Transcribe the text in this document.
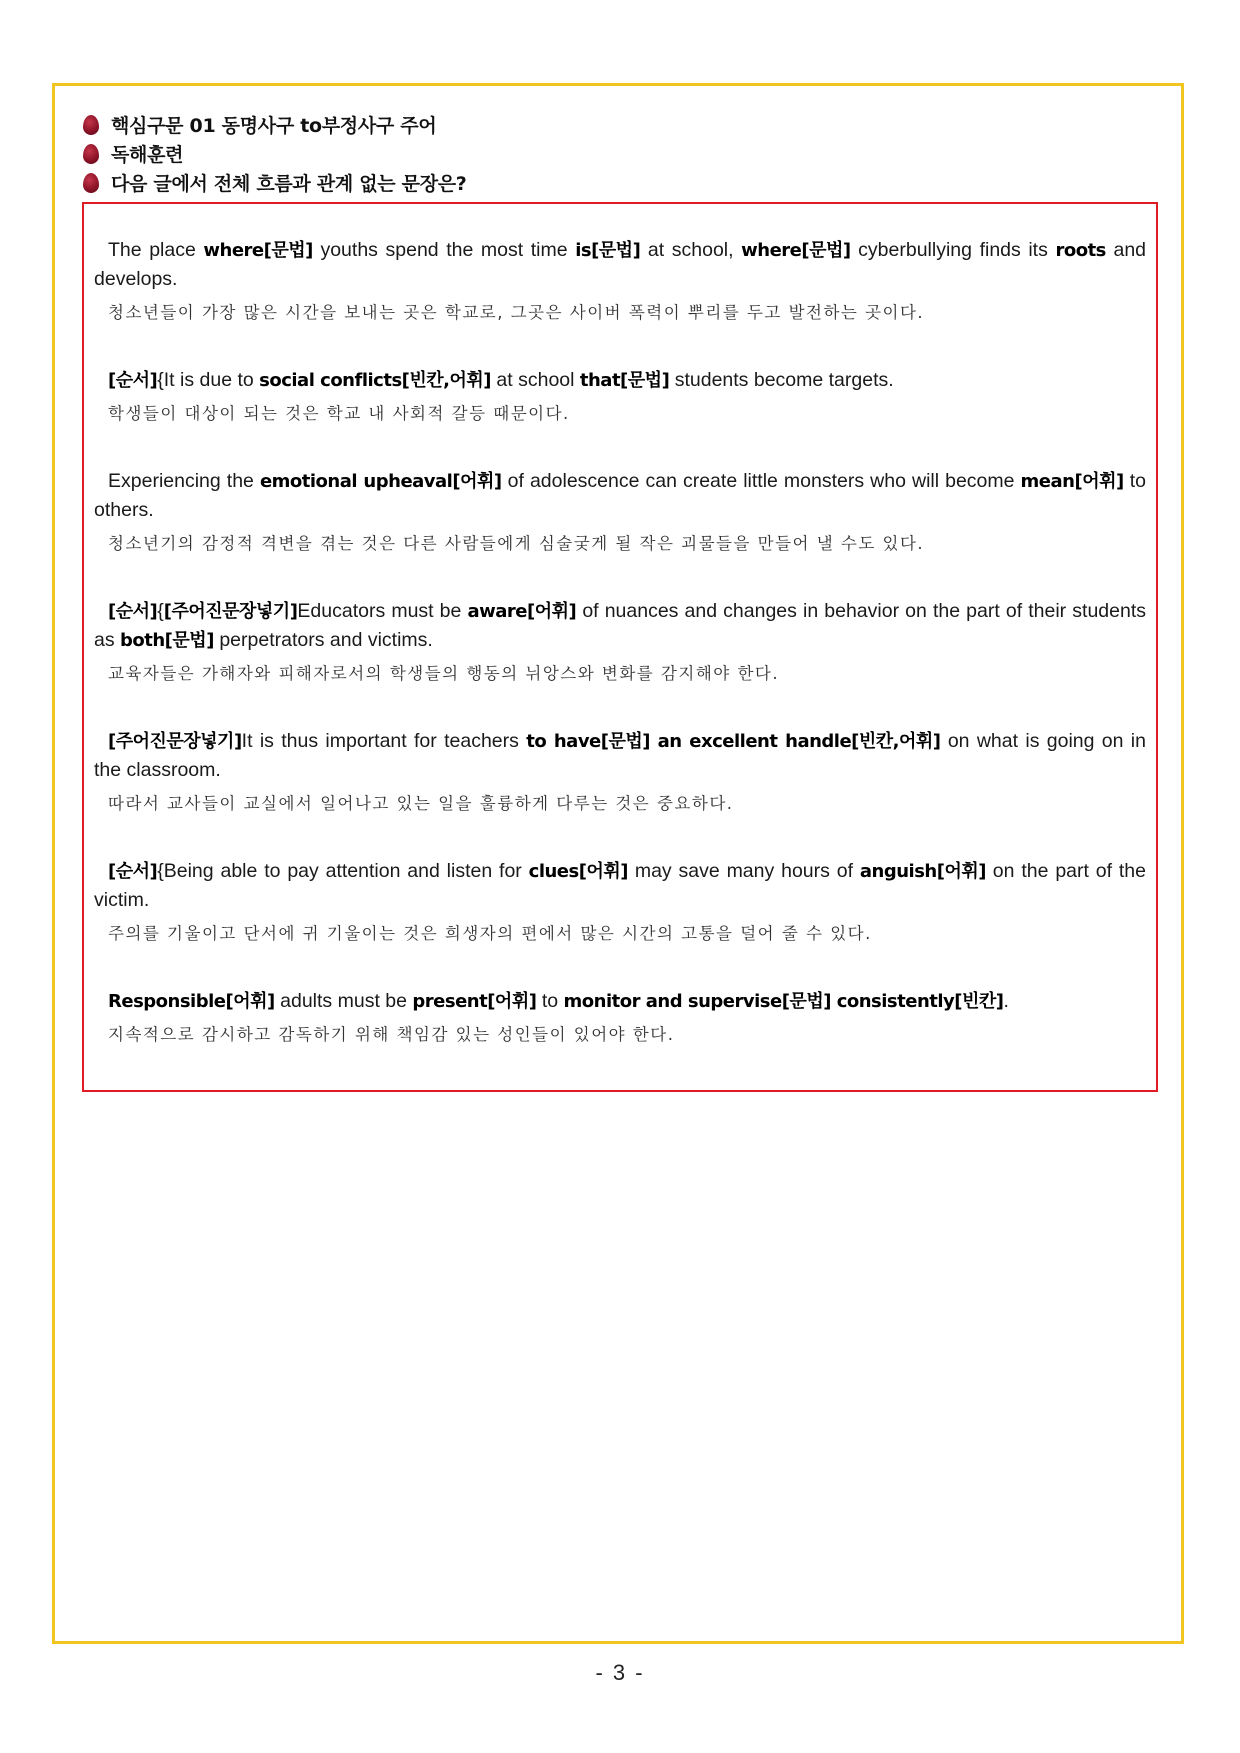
핵심구문 01 동명사구 to부정사구 주어
독해훈련
다음 글에서 전체 흐름과 관계 없는 문장은?

The place where[문법] youths spend the most time is[문법] at school, where[문법] cyberbullying finds its roots and develops.

청소년들이 가장 많은 시간을 보내는 곳은 학교로, 그곳은 사이버 폭력이 뿌리를 두고 발전하는 곳이다.

[순서]{It is due to social conflicts[빈칸,어휘] at school that[문법] students become targets.

학생들이 대상이 되는 것은 학교 내 사회적 갈등 때문이다.

Experiencing the emotional upheaval[어휘] of adolescence can create little monsters who will become mean[어휘] to others.

청소년기의 감정적 격변을 겪는 것은 다른 사람들에게 심술궂게 될 작은 괴물들을 만들어 낼 수도 있다.

[순서]{[주어진문장넣기]Educators must be aware[어휘] of nuances and changes in behavior on the part of their students as both[문법] perpetrators and victims.

교육자들은 가해자와 피해자로서의 학생들의 행동의 뉘앙스와 변화를 감지해야 한다.

[주어진문장넣기]It is thus important for teachers to have[문법] an excellent handle[빈칸,어휘] on what is going on in the classroom.

따라서 교사들이 교실에서 일어나고 있는 일을 훌륭하게 다루는 것은 중요하다.

[순서]{Being able to pay attention and listen for clues[어휘] may save many hours of anguish[어휘] on the part of the victim.

주의를 기울이고 단서에 귀 기울이는 것은 희생자의 편에서 많은 시간의 고통을 덜어 줄 수 있다.

Responsible[어휘] adults must be present[어휘] to monitor and supervise[문법] consistently[빈칸].

지속적으로 감시하고 감독하기 위해 책임감 있는 성인들이 있어야 한다.

- 3 -
